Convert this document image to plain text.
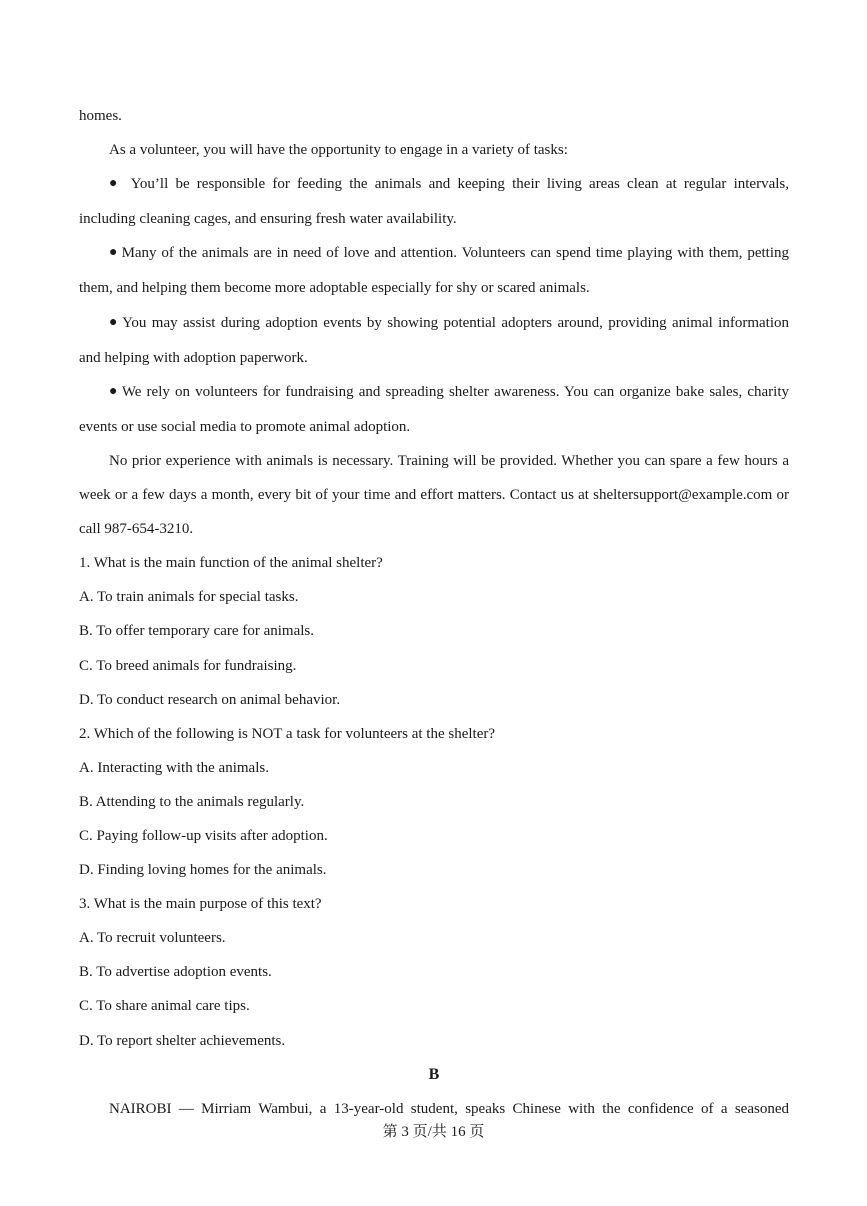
homes.

As a volunteer, you will have the opportunity to engage in a variety of tasks:

● You’ll be responsible for feeding the animals and keeping their living areas clean at regular intervals, including cleaning cages, and ensuring fresh water availability.

● Many of the animals are in need of love and attention. Volunteers can spend time playing with them, petting them, and helping them become more adoptable especially for shy or scared animals.

● You may assist during adoption events by showing potential adopters around, providing animal information and helping with adoption paperwork.

● We rely on volunteers for fundraising and spreading shelter awareness. You can organize bake sales, charity events or use social media to promote animal adoption.

No prior experience with animals is necessary. Training will be provided. Whether you can spare a few hours a week or a few days a month, every bit of your time and effort matters. Contact us at sheltersupport@example.com or call 987-654-3210.

1. What is the main function of the animal shelter?

A. To train animals for special tasks.

B. To offer temporary care for animals.

C. To breed animals for fundraising.

D. To conduct research on animal behavior.

2. Which of the following is NOT a task for volunteers at the shelter?

A. Interacting with the animals.

B. Attending to the animals regularly.

C. Paying follow-up visits after adoption.

D. Finding loving homes for the animals.

3. What is the main purpose of this text?

A. To recruit volunteers.

B. To advertise adoption events.

C. To share animal care tips.

D. To report shelter achievements.

B

NAIROBI — Mirriam Wambui, a 13-year-old student, speaks Chinese with the confidence of a seasoned

第 3 页/共 16 页
